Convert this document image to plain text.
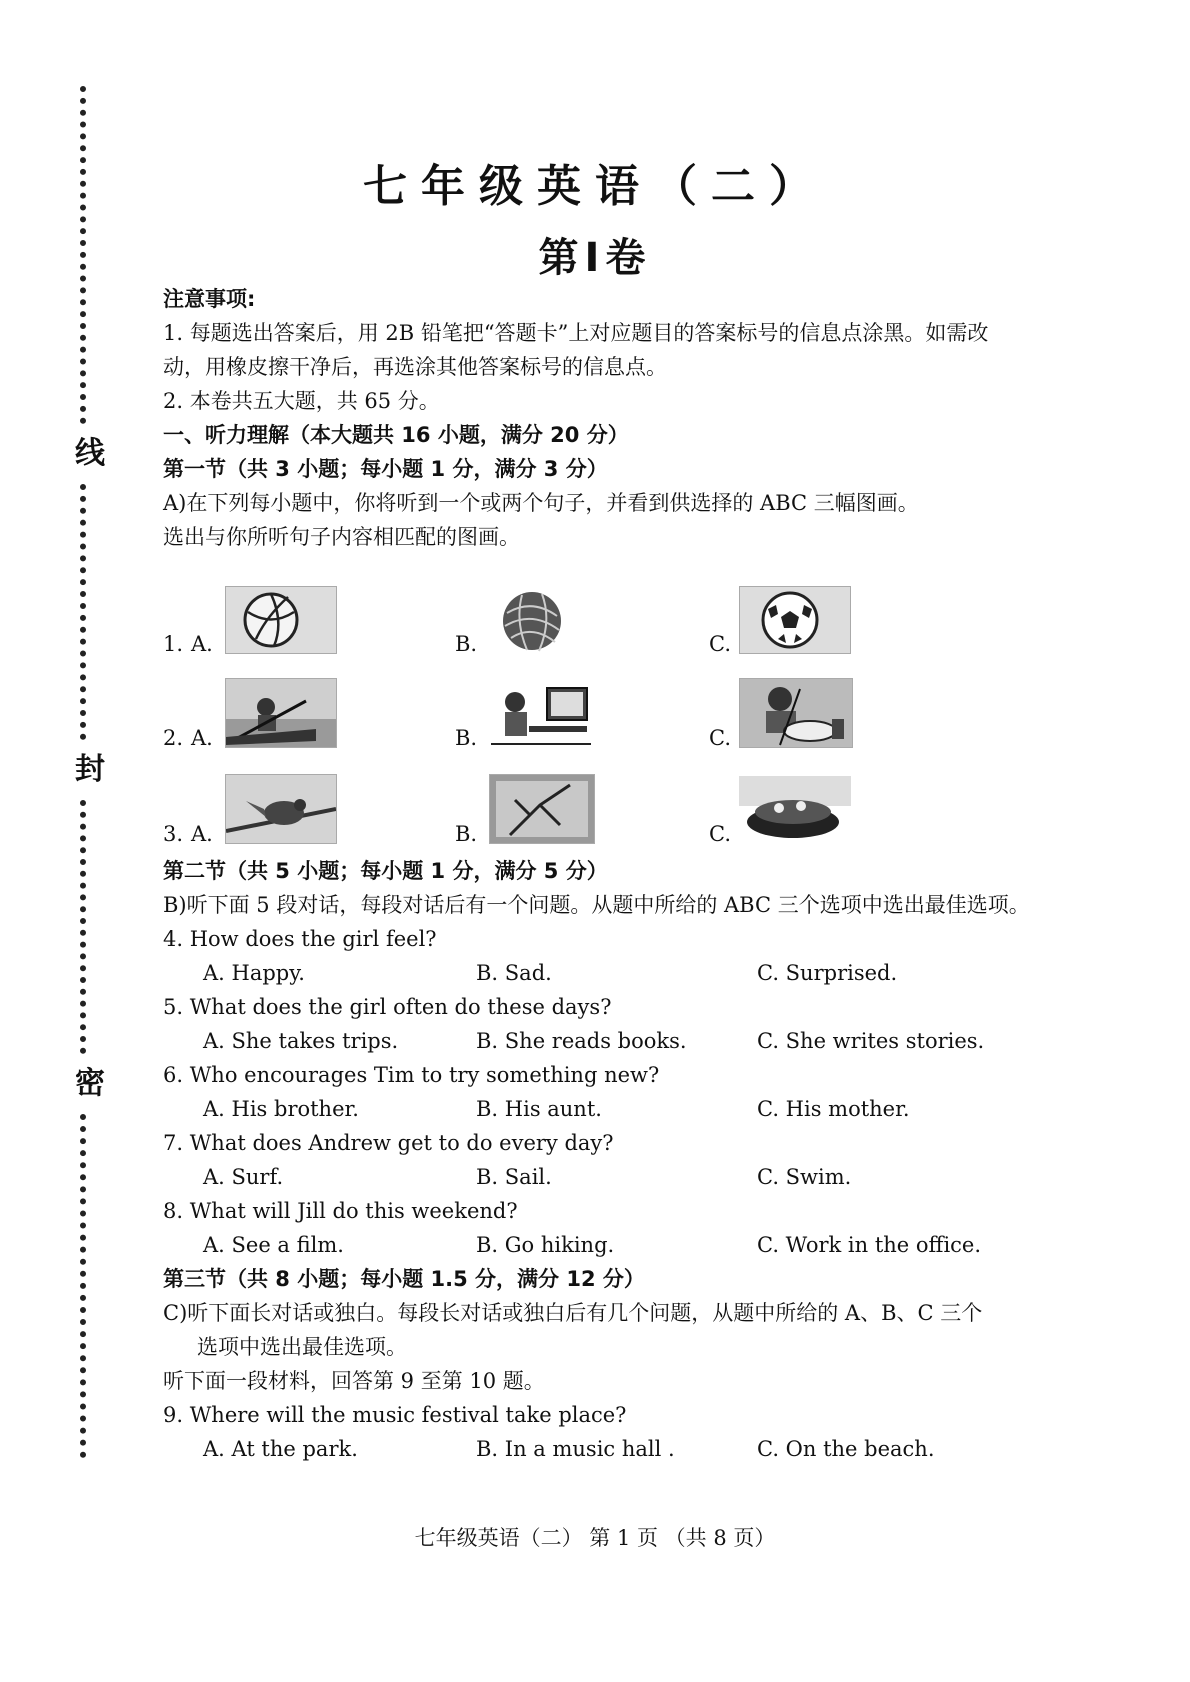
线
封
密
七年级英语（二）
第Ⅰ卷
注意事项:
1. 每题选出答案后，用 2B 铅笔把“答题卡”上对应题目的答案标号的信息点涂黑。如需改
动，用橡皮擦干净后，再选涂其他答案标号的信息点。
2. 本卷共五大题，共 65 分。
一、听力理解（本大题共 16 小题，满分 20 分）
第一节（共 3 小题；每小题 1 分，满分 3 分）
A)在下列每小题中，你将听到一个或两个句子，并看到供选择的 ABC 三幅图画。
选出与你所听句子内容相匹配的图画。
1. A.	B.	C.
2. A.	B.	C.
3. A.	B.	C.
第二节（共 5 小题；每小题 1 分，满分 5 分）
B)听下面 5 段对话，每段对话后有一个问题。从题中所给的 ABC 三个选项中选出最佳选项。
4. How does the girl feel?
A. Happy.	B. Sad.	C. Surprised.
5. What does the girl often do these days?
A. She takes trips.	B. She reads books.	C. She writes stories.
6. Who encourages Tim to try something new?
A. His brother.	B. His aunt.	C. His mother.
7. What does Andrew get to do every day?
A. Surf.	B. Sail.	C. Swim.
8. What will Jill do this weekend?
A. See a film.	B. Go hiking.	C. Work in the office.
第三节（共 8 小题；每小题 1.5 分，满分 12 分）
C)听下面长对话或独白。每段长对话或独白后有几个问题，从题中所给的 A、B、C 三个
选项中选出最佳选项。
听下面一段材料，回答第 9 至第 10 题。
9. Where will the music festival take place?
A. At the park.	B. In a music hall .	C. On the beach.
七年级英语（二） 第 1 页 （共 8 页）
